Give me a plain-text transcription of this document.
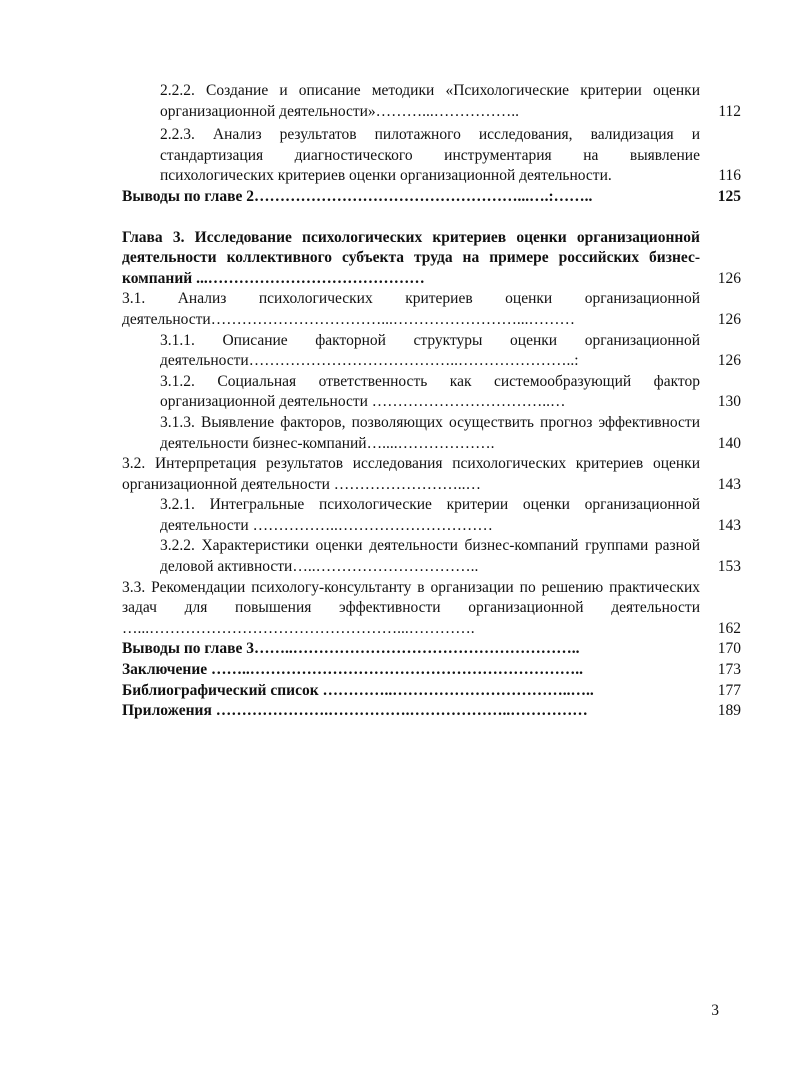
2.2.2. Создание и описание методики «Психологические критерии оценки организационной деятельности»………...……………..	112
2.2.3. Анализ результатов пилотажного исследования, валидизация и стандартизация диагностического инструментария на выявление психологических критериев оценки организационной деятельности.	116
Выводы по главе 2……………………………………………...….:……..	125
Глава 3. Исследование психологических критериев оценки организационной деятельности коллективного субъекта труда на примере российских бизнес-компаний ...……………………………………	126
3.1. Анализ психологических критериев оценки организационной деятельности……………………………...……………………...………	126
3.1.1. Описание факторной структуры оценки организационной деятельности…………………………………..…………………..:	126
3.1.2. Социальная ответственность как системообразующий фактор организационной деятельности ……………………………..…	130
3.1.3. Выявление факторов, позволяющих осуществить прогноз эффективности деятельности бизнес-компаний…....……………….	140
3.2. Интерпретация результатов исследования психологических критериев оценки организационной деятельности ……………………..…	143
3.2.1. Интегральные психологические критерии оценки организационной деятельности ……………..…………………………	143
3.2.2. Характеристики оценки деятельности бизнес-компаний группами разной деловой активности…..…………………………..	153
3.3. Рекомендации психологу-консультанту в организации по решению практических задач для повышения эффективности организационной деятельности …...…………………………………………...………….	162
Выводы по главе 3……..………………………………………………..	170
Заключение ……..………………………………………………………..	173
Библиографический список …………..……………………………..…..	177
Приложения ………………….…………….………………..……………	189
3
